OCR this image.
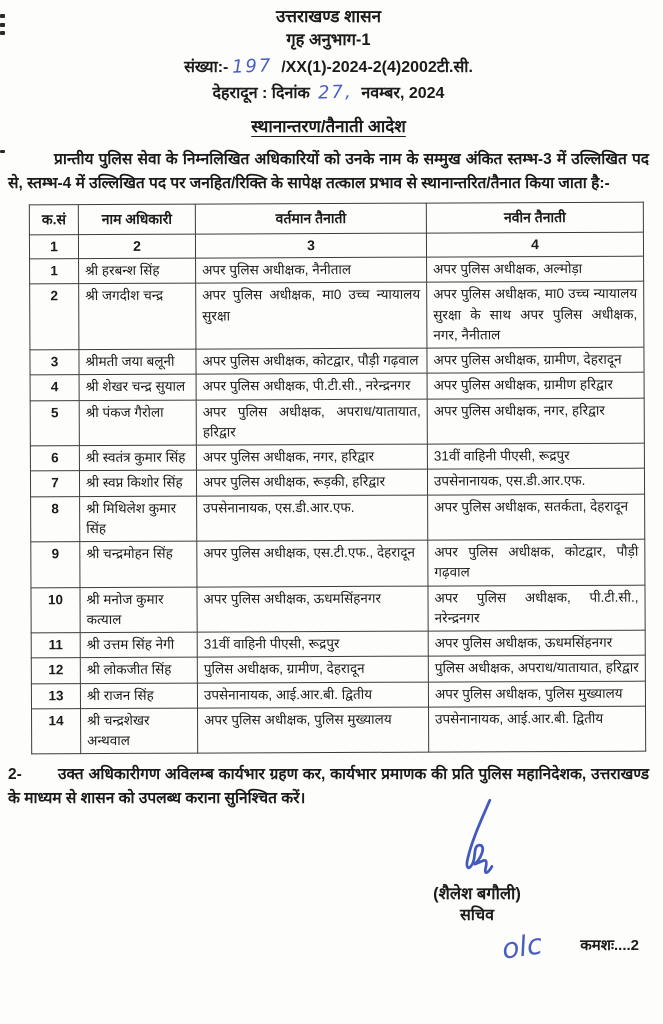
उत्तराखण्ड शासन
गृह अनुभाग-1
संख्या:- 197 /XX(1)-2024-2(4)2002टी.सी.
देहरादून : दिनांक 27, नवम्बर, 2024
स्थानान्तरण/तैनाती आदेश

प्रान्तीय पुलिस सेवा के निम्नलिखित अधिकारियों को उनके नाम के सम्मुख अंकित स्तम्भ-3 में उल्लिखित पद से, स्तम्भ-4 में उल्लिखित पद पर जनहित/रिक्ति के सापेक्ष तत्काल प्रभाव से स्थानान्तरित/तैनात किया जाता है:-

क.सं	नाम अधिकारी	वर्तमान तैनाती	नवीन तैनाती
1	2	3	4
1	श्री हरबन्श सिंह	अपर पुलिस अधीक्षक, नैनीताल	अपर पुलिस अधीक्षक, अल्मोड़ा
2	श्री जगदीश चन्द्र	अपर पुलिस अधीक्षक, मा0 उच्च न्यायालय सुरक्षा	अपर पुलिस अधीक्षक, मा0 उच्च न्यायालय सुरक्षा के साथ अपर पुलिस अधीक्षक, नगर, नैनीताल
3	श्रीमती जया बलूनी	अपर पुलिस अधीक्षक, कोटद्वार, पौड़ी गढ़वाल	अपर पुलिस अधीक्षक, ग्रामीण, देहरादून
4	श्री शेखर चन्द्र सुयाल	अपर पुलिस अधीक्षक, पी.टी.सी., नरेन्द्रनगर	अपर पुलिस अधीक्षक, ग्रामीण हरिद्वार
5	श्री पंकज गैरोला	अपर पुलिस अधीक्षक, अपराध/यातायात, हरिद्वार	अपर पुलिस अधीक्षक, नगर, हरिद्वार
6	श्री स्वतंत्र कुमार सिंह	अपर पुलिस अधीक्षक, नगर, हरिद्वार	31वीं वाहिनी पीएसी, रूद्रपुर
7	श्री स्वप्न किशोर सिंह	अपर पुलिस अधीक्षक, रूड़की, हरिद्वार	उपसेनानायक, एस.डी.आर.एफ.
8	श्री मिथिलेश कुमार सिंह	उपसेनानायक, एस.डी.आर.एफ.	अपर पुलिस अधीक्षक, सतर्कता, देहरादून
9	श्री चन्द्रमोहन सिंह	अपर पुलिस अधीक्षक, एस.टी.एफ., देहरादून	अपर पुलिस अधीक्षक, कोटद्वार, पौड़ी गढ़वाल
10	श्री मनोज कुमार कत्याल	अपर पुलिस अधीक्षक, ऊधमसिंहनगर	अपर पुलिस अधीक्षक, पी.टी.सी., नरेन्द्रनगर
11	श्री उत्तम सिंह नेगी	31वीं वाहिनी पीएसी, रूद्रपुर	अपर पुलिस अधीक्षक, ऊधमसिंहनगर
12	श्री लोकजीत सिंह	पुलिस अधीक्षक, ग्रामीण, देहरादून	पुलिस अधीक्षक, अपराध/यातायात, हरिद्वार
13	श्री राजन सिंह	उपसेनानायक, आई.आर.बी. द्वितीय	अपर पुलिस अधीक्षक, पुलिस मुख्यालय
14	श्री चन्द्रशेखर अन्थवाल	अपर पुलिस अधीक्षक, पुलिस मुख्यालय	उपसेनानायक, आई.आर.बी. द्वितीय

2- उक्त अधिकारीगण अविलम्ब कार्यभार ग्रहण कर, कार्यभार प्रमाणक की प्रति पुलिस महानिदेशक, उत्तराखण्ड के माध्यम से शासन को उपलब्ध कराना सुनिश्चित करें।

(शैलेश बगौली)
सचिव
olc कमशः....2
